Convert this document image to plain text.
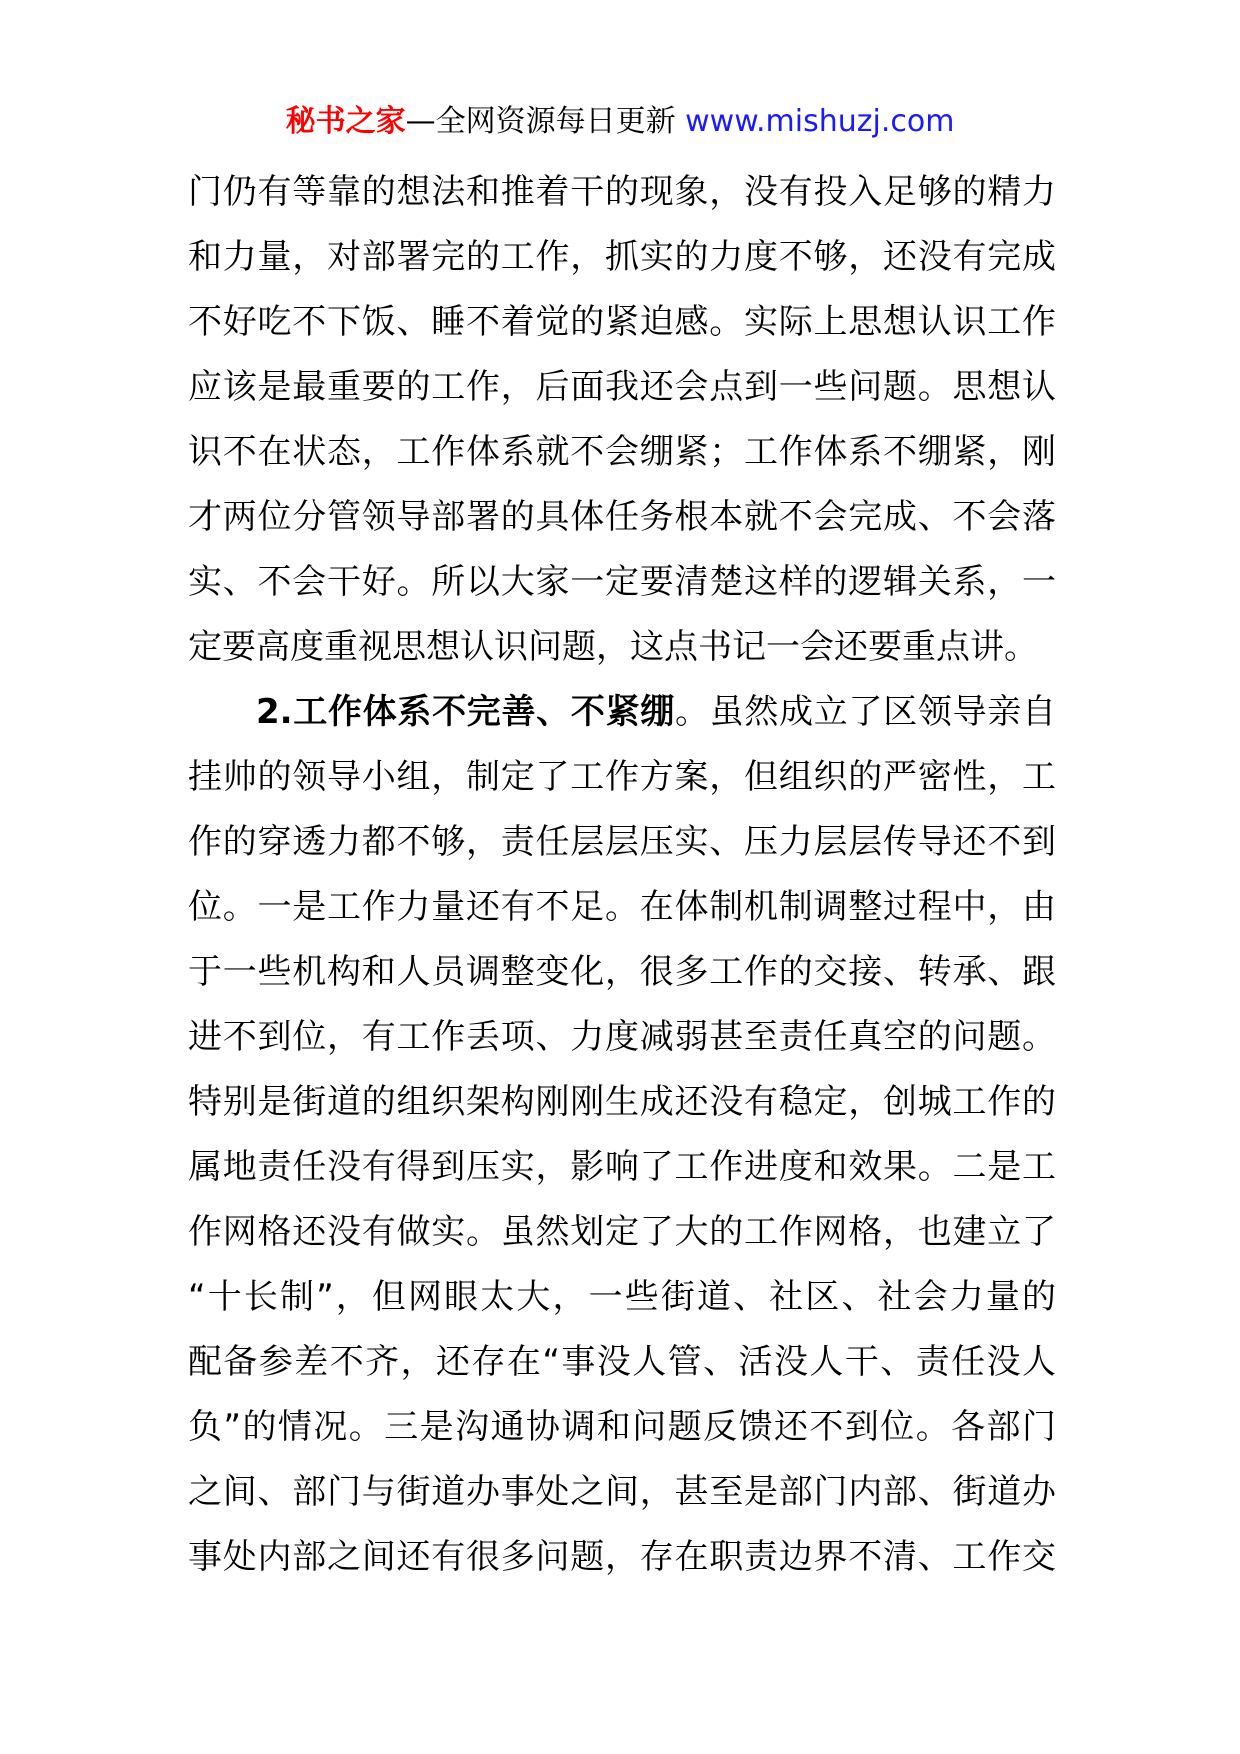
秘书之家—全网资源每日更新 www.mishuzj.com
门仍有等靠的想法和推着干的现象，没有投入足够的精力
和力量，对部署完的工作，抓实的力度不够，还没有完成
不好吃不下饭、睡不着觉的紧迫感。实际上思想认识工作
应该是最重要的工作，后面我还会点到一些问题。思想认
识不在状态，工作体系就不会绷紧；工作体系不绷紧，刚
才两位分管领导部署的具体任务根本就不会完成、不会落
实、不会干好。所以大家一定要清楚这样的逻辑关系，一
定要高度重视思想认识问题，这点书记一会还要重点讲。
2.工作体系不完善、不紧绷。虽然成立了区领导亲自
挂帅的领导小组，制定了工作方案，但组织的严密性，工
作的穿透力都不够，责任层层压实、压力层层传导还不到
位。一是工作力量还有不足。在体制机制调整过程中，由
于一些机构和人员调整变化，很多工作的交接、转承、跟
进不到位，有工作丢项、力度减弱甚至责任真空的问题。
特别是街道的组织架构刚刚生成还没有稳定，创城工作的
属地责任没有得到压实，影响了工作进度和效果。二是工
作网格还没有做实。虽然划定了大的工作网格，也建立了
“十长制”，但网眼太大，一些街道、社区、社会力量的
配备参差不齐，还存在“事没人管、活没人干、责任没人
负”的情况。三是沟通协调和问题反馈还不到位。各部门
之间、部门与街道办事处之间，甚至是部门内部、街道办
事处内部之间还有很多问题，存在职责边界不清、工作交
